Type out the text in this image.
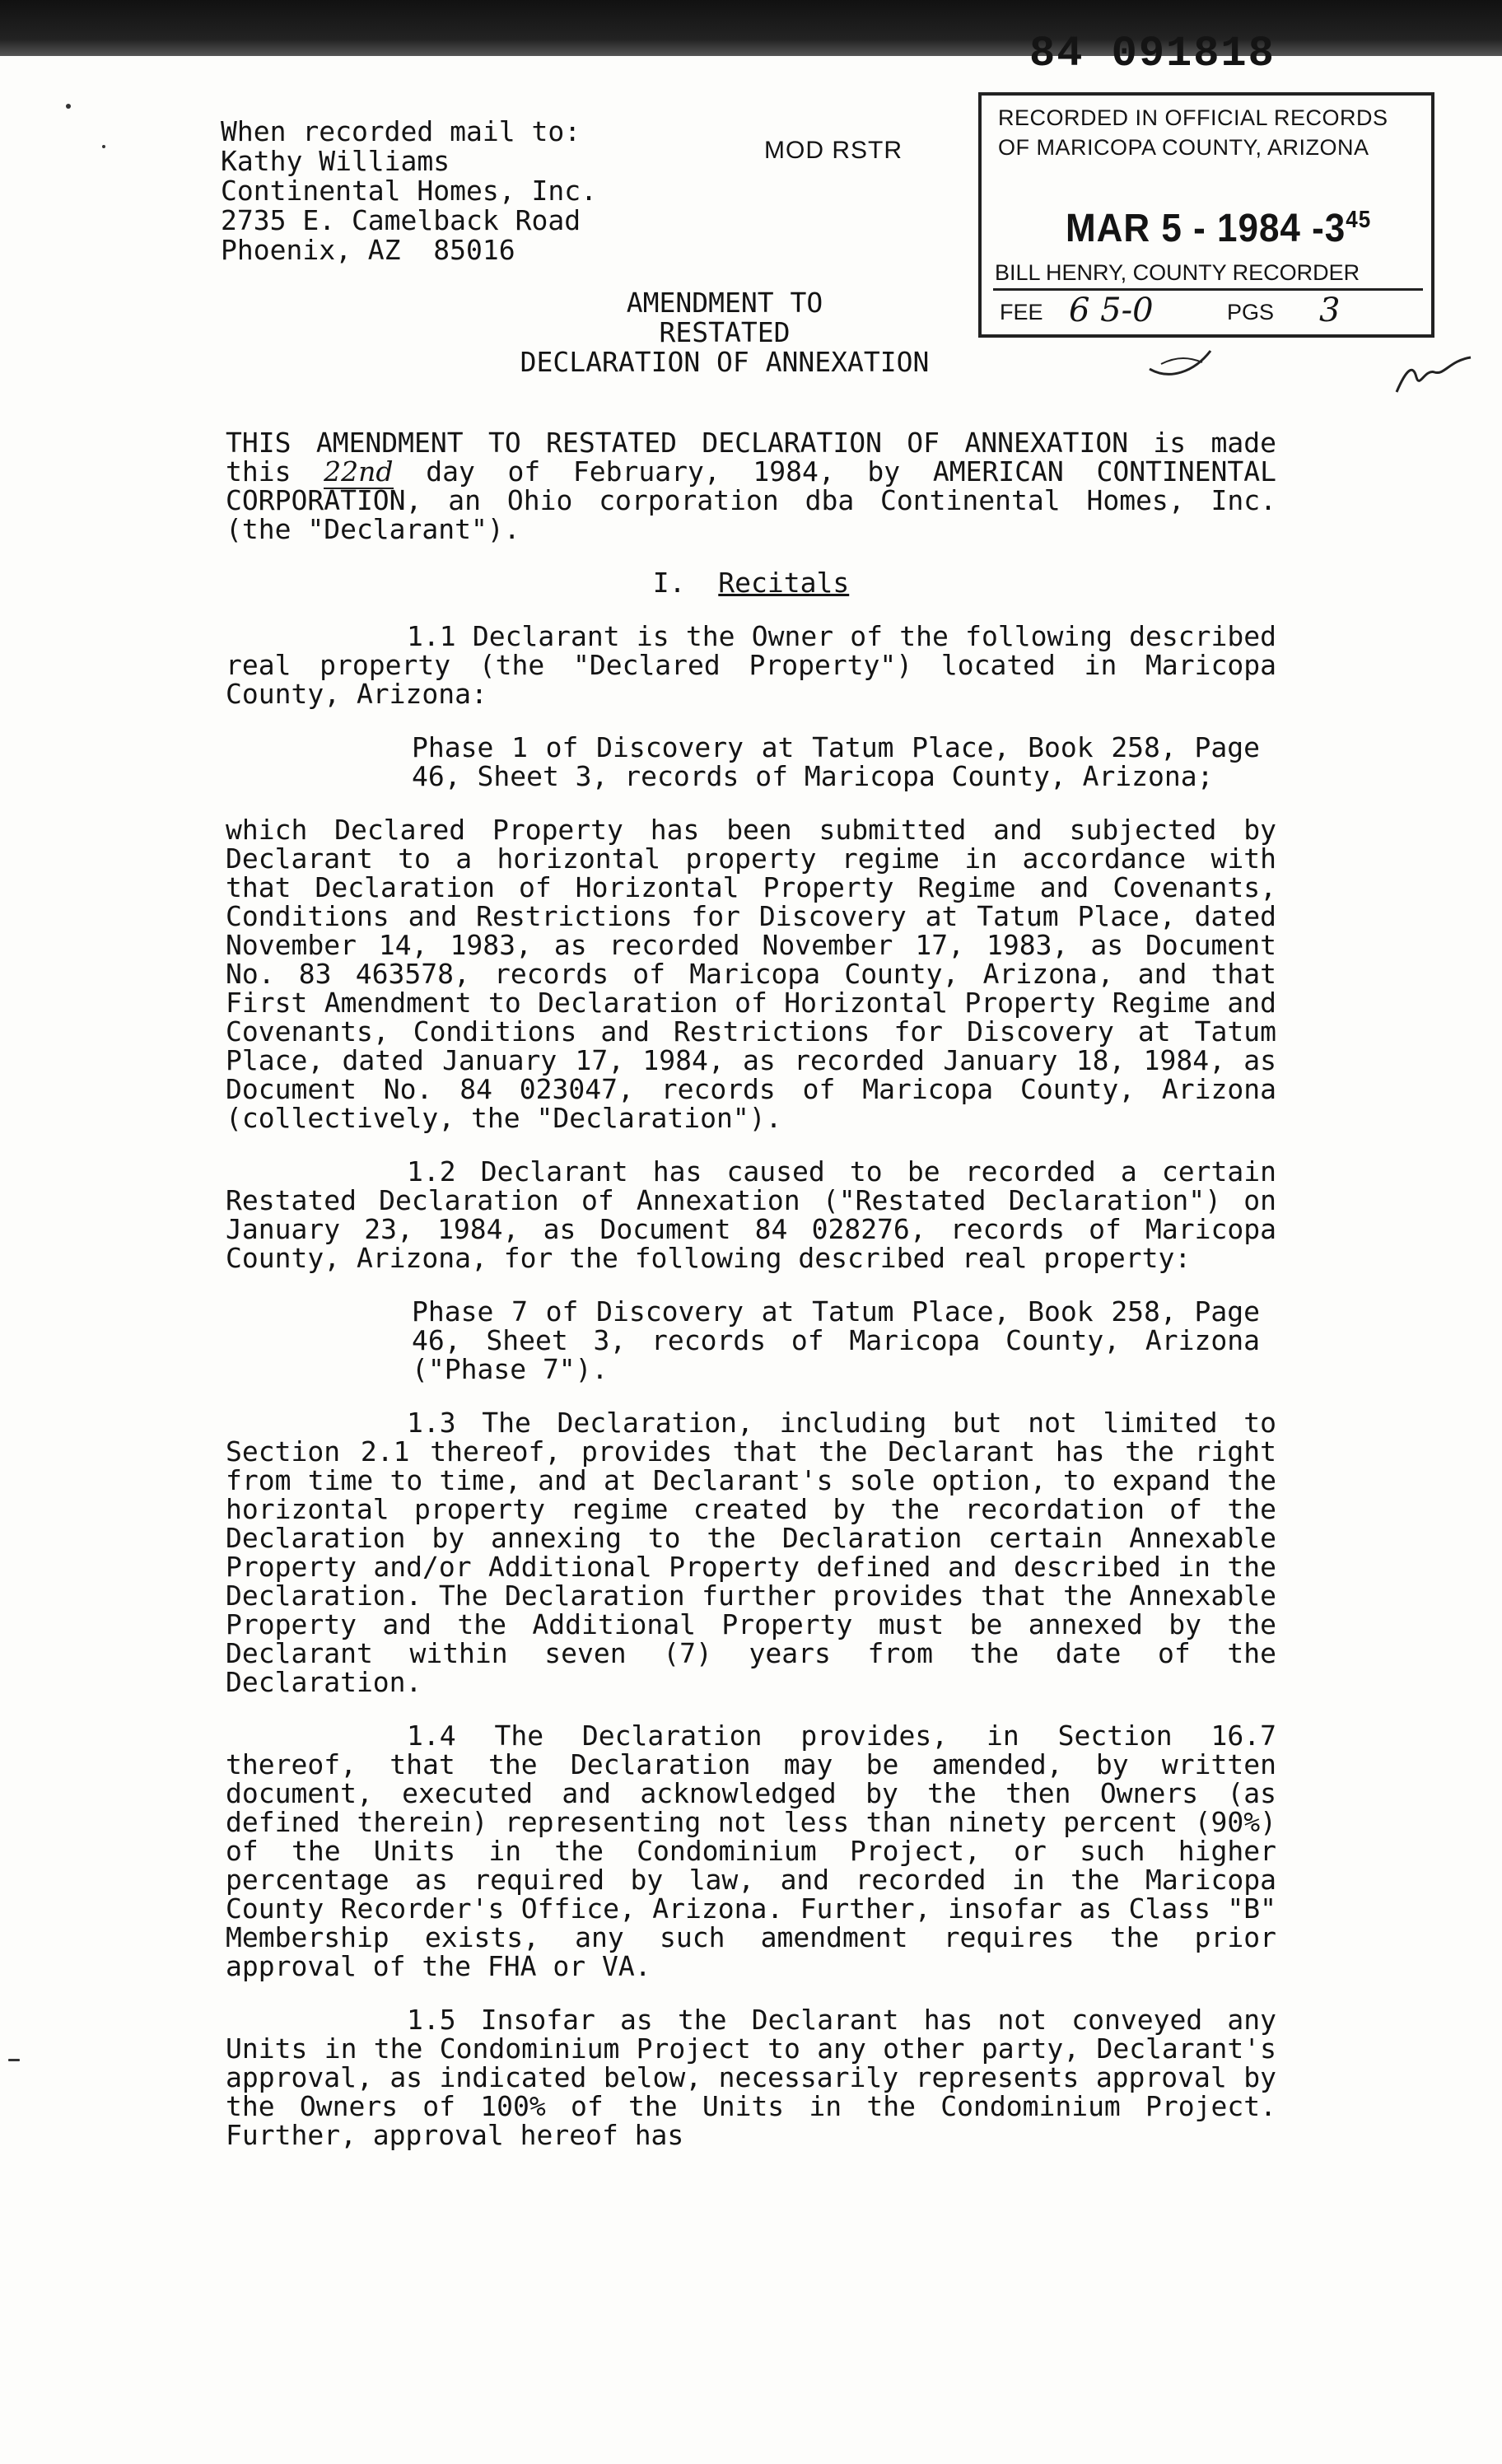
84 091818
When recorded mail to:
Kathy Williams
Continental Homes, Inc.
2735 E. Camelback Road
Phoenix, AZ  85016
MOD RSTR
RECORDED IN OFFICIAL RECORDS
OF MARICOPA COUNTY, ARIZONA
MAR 5 - 1984 $-3^{45}$
BILL HENRY, COUNTY RECORDER
FEE 6 5-0	PGS 3
AMENDMENT TO
RESTATED
DECLARATION OF ANNEXATION

THIS AMENDMENT TO RESTATED DECLARATION OF ANNEXATION is made this 22nd day of February, 1984, by AMERICAN CONTINENTAL CORPORATION, an Ohio corporation dba Continental Homes, Inc. (the "Declarant").

I. Recitals

1.1 Declarant is the Owner of the following described real property (the "Declared Property") located in Maricopa County, Arizona:

Phase 1 of Discovery at Tatum Place, Book 258, Page 46, Sheet 3, records of Maricopa County, Arizona;

which Declared Property has been submitted and subjected by Declarant to a horizontal property regime in accordance with that Declaration of Horizontal Property Regime and Covenants, Conditions and Restrictions for Discovery at Tatum Place, dated November 14, 1983, as recorded November 17, 1983, as Document No. 83 463578, records of Maricopa County, Arizona, and that First Amendment to Declaration of Horizontal Property Regime and Covenants, Conditions and Restrictions for Discovery at Tatum Place, dated January 17, 1984, as recorded January 18, 1984, as Document No. 84 023047, records of Maricopa County, Arizona (collectively, the "Declaration").

1.2 Declarant has caused to be recorded a certain Restated Declaration of Annexation ("Restated Declaration") on January 23, 1984, as Document 84 028276, records of Maricopa County, Arizona, for the following described real property:

Phase 7 of Discovery at Tatum Place, Book 258, Page 46, Sheet 3, records of Maricopa County, Arizona ("Phase 7").

1.3 The Declaration, including but not limited to Section 2.1 thereof, provides that the Declarant has the right from time to time, and at Declarant's sole option, to expand the horizontal property regime created by the recordation of the Declaration by annexing to the Declaration certain Annexable Property and/or Additional Property defined and described in the Declaration. The Declaration further provides that the Annexable Property and the Additional Property must be annexed by the Declarant within seven (7) years from the date of the Declaration.

1.4 The Declaration provides, in Section 16.7 thereof, that the Declaration may be amended, by written document, executed and acknowledged by the then Owners (as defined therein) representing not less than ninety percent (90%) of the Units in the Condominium Project, or such higher percentage as required by law, and recorded in the Maricopa County Recorder's Office, Arizona. Further, insofar as Class "B" Membership exists, any such amendment requires the prior approval of the FHA or VA.

1.5 Insofar as the Declarant has not conveyed any Units in the Condominium Project to any other party, Declarant's approval, as indicated below, necessarily represents approval by the Owners of 100% of the Units in the Condominium Project. Further, approval hereof has
